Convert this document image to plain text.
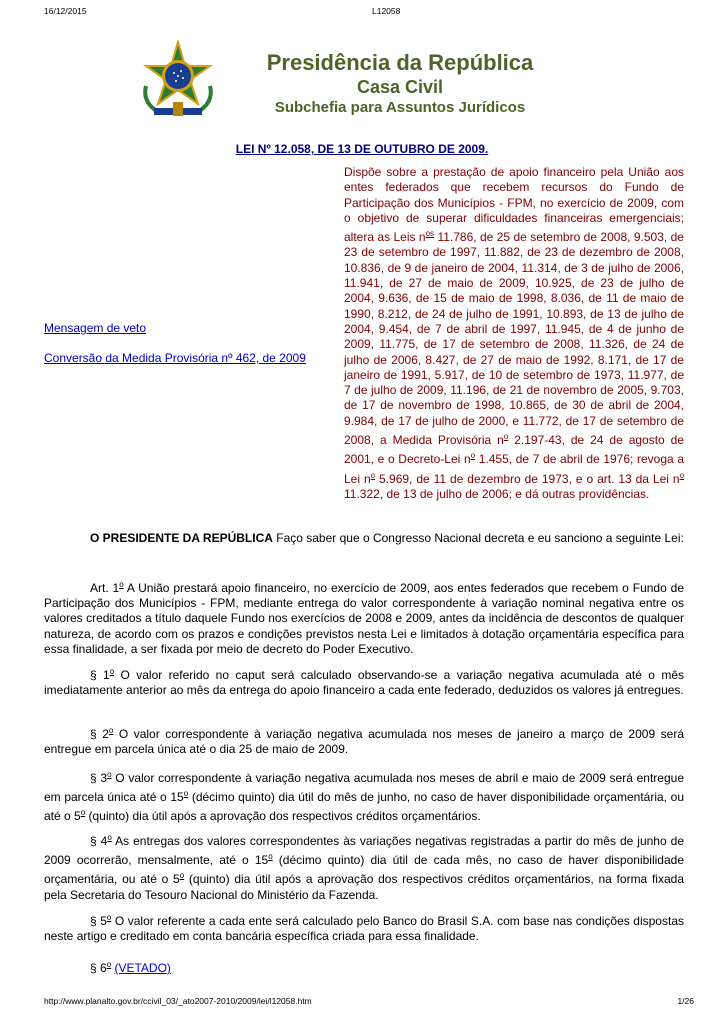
16/12/2015	L12058
Presidência da República
Casa Civil
Subchefia para Assuntos Jurídicos
LEI Nº 12.058, DE 13 DE OUTUBRO DE 2009.
Mensagem de veto
Conversão da Medida Provisória nº 462, de 2009
Dispõe sobre a prestação de apoio financeiro pela União aos entes federados que recebem recursos do Fundo de Participação dos Municípios - FPM, no exercício de 2009, com o objetivo de superar dificuldades financeiras emergenciais; altera as Leis $n^{os}$ 11.786, de 25 de setembro de 2008, 9.503, de 23 de setembro de 1997, 11.882, de 23 de dezembro de 2008, 10.836, de 9 de janeiro de 2004, 11.314, de 3 de julho de 2006, 11.941, de 27 de maio de 2009, 10.925, de 23 de julho de 2004, 9.636, de 15 de maio de 1998, 8.036, de 11 de maio de 1990, 8.212, de 24 de julho de 1991, 10.893, de 13 de julho de 2004, 9.454, de 7 de abril de 1997, 11.945, de 4 de junho de 2009, 11.775, de 17 de setembro de 2008, 11.326, de 24 de julho de 2006, 8.427, de 27 de maio de 1992, 8.171, de 17 de janeiro de 1991, 5.917, de 10 de setembro de 1973, 11.977, de 7 de julho de 2009, 11.196, de 21 de novembro de 2005, 9.703, de 17 de novembro de 1998, 10.865, de 30 de abril de 2004, 9.984, de 17 de julho de 2000, e 11.772, de 17 de setembro de 2008, a Medida Provisória $n^o$ 2.197-43, de 24 de agosto de 2001, e o Decreto-Lei $n^o$ 1.455, de 7 de abril de 1976; revoga a Lei $n^o$ 5.969, de 11 de dezembro de 1973, e o art. 13 da Lei $n^o$ 11.322, de 13 de julho de 2006; e dá outras providências.
O PRESIDENTE DA REPÚBLICA Faço saber que o Congresso Nacional decreta e eu sanciono a seguinte Lei:
Art. 1$^o$ A União prestará apoio financeiro, no exercício de 2009, aos entes federados que recebem o Fundo de Participação dos Municípios - FPM, mediante entrega do valor correspondente à variação nominal negativa entre os valores creditados a título daquele Fundo nos exercícios de 2008 e 2009, antes da incidência de descontos de qualquer natureza, de acordo com os prazos e condições previstos nesta Lei e limitados à dotação orçamentária específica para essa finalidade, a ser fixada por meio de decreto do Poder Executivo.
§ 1$^o$ O valor referido no caput será calculado observando-se a variação negativa acumulada até o mês imediatamente anterior ao mês da entrega do apoio financeiro a cada ente federado, deduzidos os valores já entregues.
§ 2$^o$ O valor correspondente à variação negativa acumulada nos meses de janeiro a março de 2009 será entregue em parcela única até o dia 25 de maio de 2009.
§ 3$^o$ O valor correspondente à variação negativa acumulada nos meses de abril e maio de 2009 será entregue em parcela única até o 15$^o$ (décimo quinto) dia útil do mês de junho, no caso de haver disponibilidade orçamentária, ou até o 5$^o$ (quinto) dia útil após a aprovação dos respectivos créditos orçamentários.
§ 4$^o$ As entregas dos valores correspondentes às variações negativas registradas a partir do mês de junho de 2009 ocorrerão, mensalmente, até o 15$^o$ (décimo quinto) dia útil de cada mês, no caso de haver disponibilidade orçamentária, ou até o 5$^o$ (quinto) dia útil após a aprovação dos respectivos créditos orçamentários, na forma fixada pela Secretaria do Tesouro Nacional do Ministério da Fazenda.
§ 5$^o$ O valor referente a cada ente será calculado pelo Banco do Brasil S.A. com base nas condições dispostas neste artigo e creditado em conta bancária específica criada para essa finalidade.
§ 6$^o$ (VETADO)
http://www.planalto.gov.br/ccivil_03/_ato2007-2010/2009/lei/l12058.htm	1/26
